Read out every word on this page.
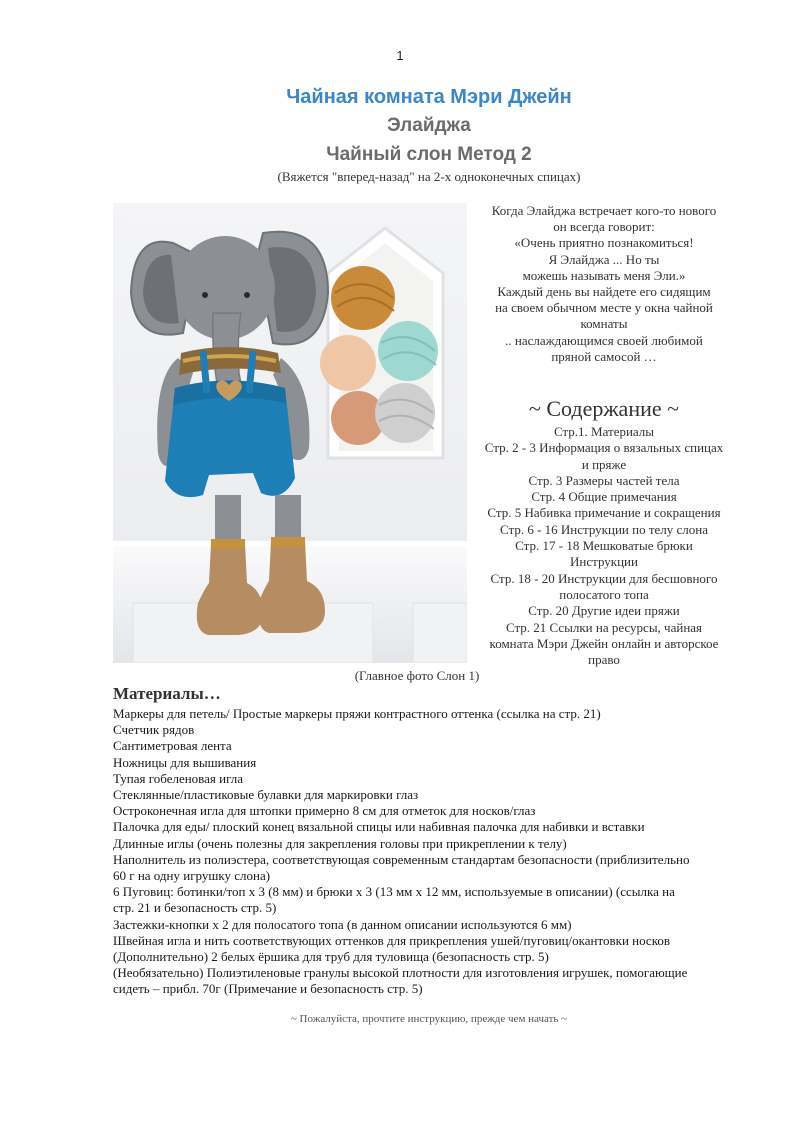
1
Чайная комната Мэри Джейн
Элайджа
Чайный слон Метод 2
(Вяжется "вперед-назад" на 2-х одноконечных спицах)
Когда Элайджа встречает кого-то нового
он всегда говорит:
«Очень приятно познакомиться!
Я Элайджа ... Но ты
можешь называть меня Эли.»
Каждый день вы найдете его сидящим
на своем обычном месте у окна чайной
комнаты
.. наслаждающимся своей любимой
пряной самосой …
~ Содержание ~
Стр.1. Материалы
Стр. 2 - 3 Информация о вязальных спицах
и пряже
Стр. 3 Размеры частей тела
Стр. 4 Общие примечания
Стр. 5 Набивка примечание и сокращения
Стр. 6 - 16 Инструкции по телу слона
Стр. 17 - 18 Мешковатые брюки
Инструкции
Стр. 18 - 20 Инструкции для бесшовного
полосатого топа
Стр. 20 Другие идеи пряжи
Стр. 21 Ссылки на ресурсы, чайная
комната Мэри Джейн онлайн и авторское
право
(Главное фото Слон 1)
Материалы…
Маркеры для петель/ Простые маркеры пряжи контрастного оттенка (ссылка на стр. 21)
Счетчик рядов
Сантиметровая лента
Ножницы для вышивания
Тупая гобеленовая игла
Стеклянные/пластиковые булавки для маркировки глаз
Остроконечная игла для штопки примерно 8 см для отметок для носков/глаз
Палочка для еды/ плоский конец вязальной спицы или набивная палочка для набивки и вставки
Длинные иглы (очень полезны для закрепления головы при прикреплении к телу)
Наполнитель из полиэстера, соответствующая современным стандартам безопасности (приблизительно
60 г на одну игрушку слона)
6 Пуговиц: ботинки/топ x 3 (8 мм) и брюки x 3 (13 мм x 12 мм, используемые в описании) (ссылка на
стр. 21 и безопасность стр. 5)
Застежки-кнопки x 2 для полосатого топа (в данном описании используются 6 мм)
Швейная игла и нить соответствующих оттенков для прикрепления ушей/пуговиц/окантовки носков
(Дополнительно) 2 белых ёршика для труб для туловища (безопасность стр. 5)
(Необязательно) Полиэтиленовые гранулы высокой плотности для изготовления игрушек, помогающие
сидеть – прибл. 70г (Примечание и безопасность стр. 5)
~ Пожалуйста, прочтите инструкцию, прежде чем начать ~
